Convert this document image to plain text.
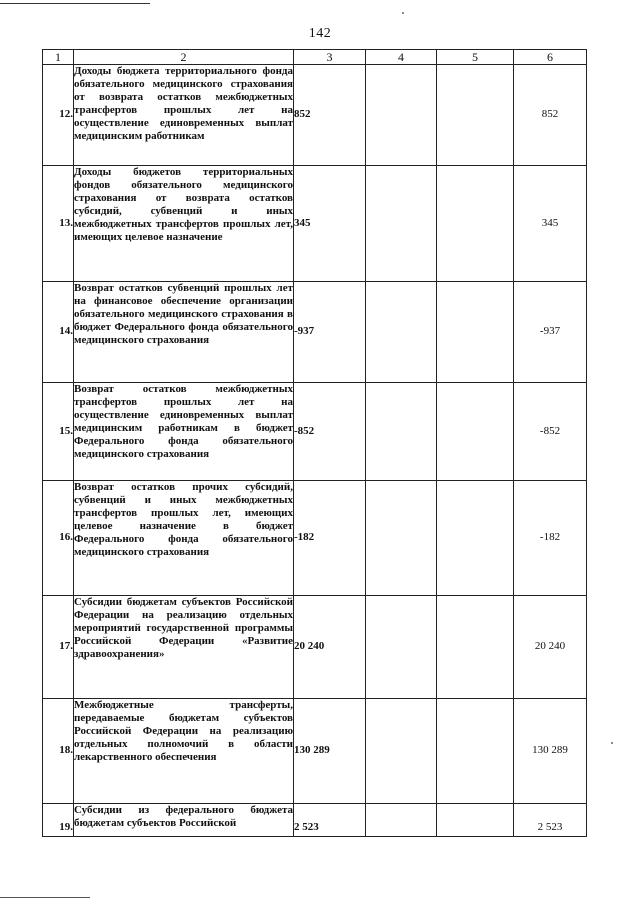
142
1	2	3	4	5	6
12.	Доходы бюджета территориального фонда обязательного медицинского страхования от возврата остатков межбюджетных трансфертов прошлых лет на осуществление единовременных выплат медицинским работникам	852			852
13.	Доходы бюджетов территориальных фондов обязательного медицинского страхования от возврата остатков субсидий, субвенций и иных межбюджетных трансфертов прошлых лет, имеющих целевое назначение	345			345
14.	Возврат остатков субвенций прошлых лет на финансовое обеспечение организации обязательного медицинского страхования в бюджет Федерального фонда обязательного медицинского страхования	-937			-937
15.	Возврат остатков межбюджетных трансфертов прошлых лет на осуществление единовременных выплат медицинским работникам в бюджет Федерального фонда обязательного медицинского страхования	-852			-852
16.	Возврат остатков прочих субсидий, субвенций и иных межбюджетных трансфертов прошлых лет, имеющих целевое назначение в бюджет Федерального фонда обязательного медицинского страхования	-182			-182
17.	Субсидии бюджетам субъектов Российской Федерации на реализацию отдельных мероприятий государственной программы Российской Федерации «Развитие здравоохранения»	20 240			20 240
18.	Межбюджетные трансферты, передаваемые бюджетам субъектов Российской Федерации на реализацию отдельных полномочий в области лекарственного обеспечения	130 289			130 289
19.	Субсидии из федерального бюджета бюджетам субъектов Российской	2 523			2 523
